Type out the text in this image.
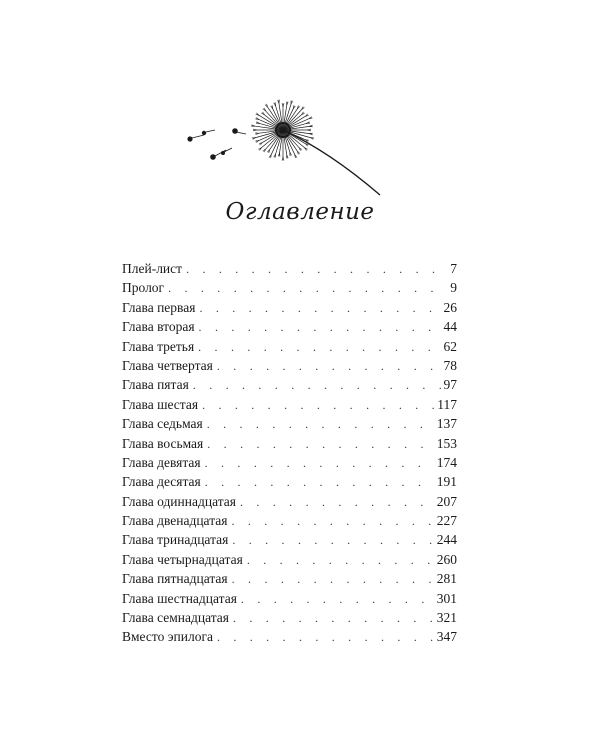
Оглавление
Плей-лист . . .	7
Пролог . . .	9
Глава первая . . .	26
Глава вторая . . .	44
Глава третья . . .	62
Глава четвертая . . .	78
Глава пятая . . .	97
Глава шестая . . .	117
Глава седьмая . . .	137
Глава восьмая . . .	153
Глава девятая . . .	174
Глава десятая . . .	191
Глава одиннадцатая . . .	207
Глава двенадцатая . . .	227
Глава тринадцатая . . .	244
Глава четырнадцатая . . .	260
Глава пятнадцатая . . .	281
Глава шестнадцатая . . .	301
Глава семнадцатая . . .	321
Вместо эпилога . . .	347
